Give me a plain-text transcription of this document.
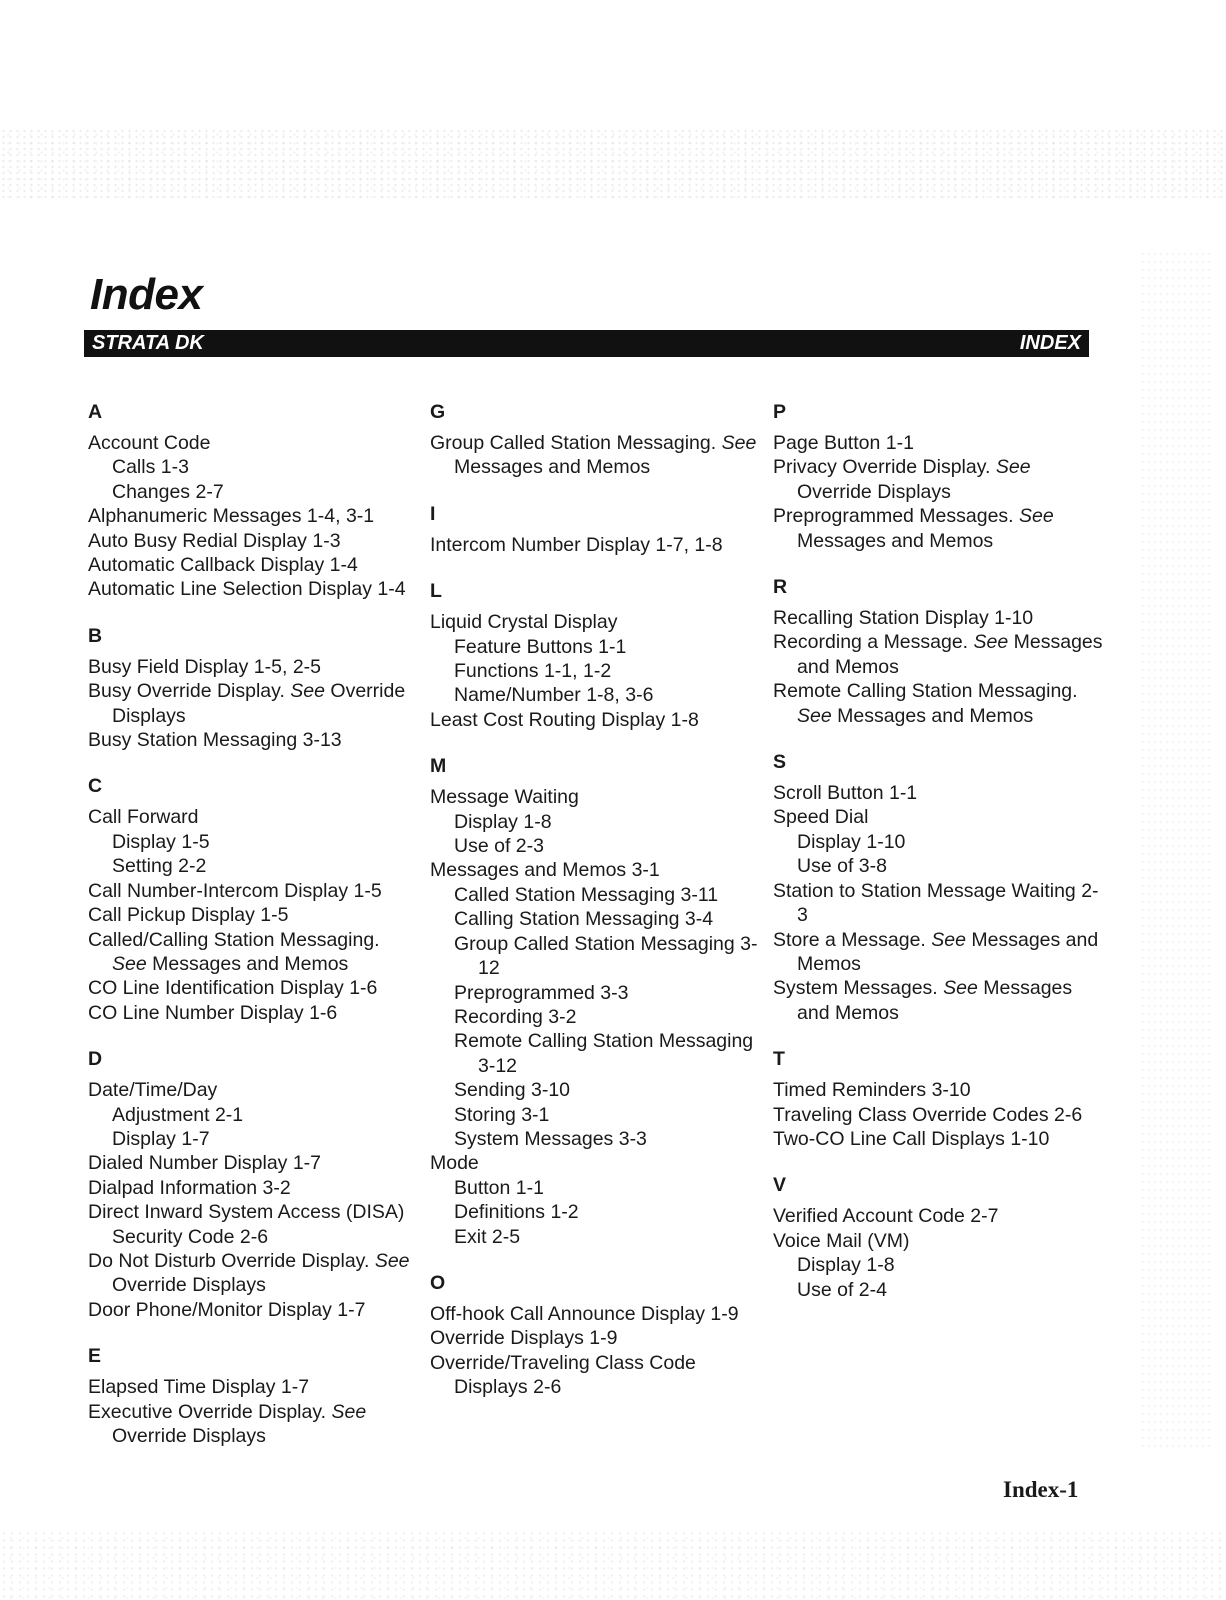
Index
STRATA DK	INDEX
A

Account Code

Calls 1-3

Changes 2-7

Alphanumeric Messages 1-4, 3-1

Auto Busy Redial Display 1-3

Automatic Callback Display 1-4

Automatic Line Selection Display 1-4

B

Busy Field Display 1-5, 2-5

Busy Override Display. See Override Displays

Busy Station Messaging 3-13

C

Call Forward

Display 1-5

Setting 2-2

Call Number-Intercom Display 1-5

Call Pickup Display 1-5

Called/Calling Station Messaging. See Messages and Memos

CO Line Identification Display 1-6

CO Line Number Display 1-6

D

Date/Time/Day

Adjustment 2-1

Display 1-7

Dialed Number Display 1-7

Dialpad Information 3-2

Direct Inward System Access (DISA) Security Code 2-6

Do Not Disturb Override Display. See Override Displays

Door Phone/Monitor Display 1-7

E

Elapsed Time Display 1-7

Executive Override Display. See Override Displays

G

Group Called Station Messaging. See Messages and Memos

I

Intercom Number Display 1-7, 1-8

L

Liquid Crystal Display

Feature Buttons 1-1

Functions 1-1, 1-2

Name/Number 1-8, 3-6

Least Cost Routing Display 1-8

M

Message Waiting

Display 1-8

Use of 2-3

Messages and Memos 3-1

Called Station Messaging 3-11

Calling Station Messaging 3-4

Group Called Station Messaging 3-12

Preprogrammed 3-3

Recording 3-2

Remote Calling Station Messaging 3-12

Sending 3-10

Storing 3-1

System Messages 3-3

Mode

Button 1-1

Definitions 1-2

Exit 2-5

O

Off-hook Call Announce Display 1-9

Override Displays 1-9

Override/Traveling Class Code Displays 2-6

P

Page Button 1-1

Privacy Override Display. See Override Displays

Preprogrammed Messages. See Messages and Memos

R

Recalling Station Display 1-10

Recording a Message. See Messages and Memos

Remote Calling Station Messaging. See Messages and Memos

S

Scroll Button 1-1

Speed Dial

Display 1-10

Use of 3-8

Station to Station Message Waiting 2-3

Store a Message. See Messages and Memos

System Messages. See Messages and Memos

T

Timed Reminders 3-10

Traveling Class Override Codes 2-6

Two-CO Line Call Displays 1-10

V

Verified Account Code 2-7

Voice Mail (VM)

Display 1-8

Use of 2-4

Index-1
